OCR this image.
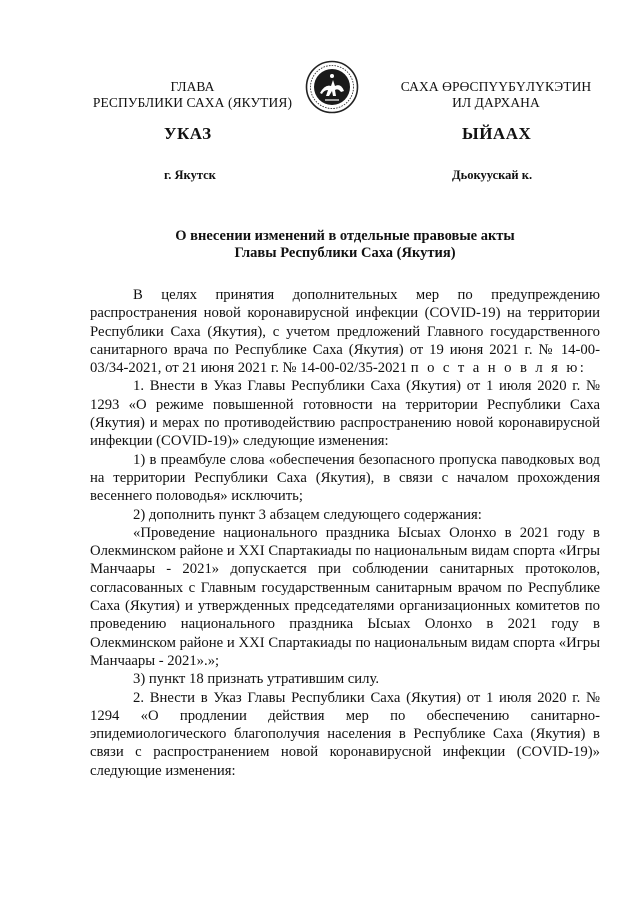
ГЛАВА
РЕСПУБЛИКИ САХА (ЯКУТИЯ)
САХА ӨРӨСПҮҮБҮЛҮКЭТИН
ИЛ ДАРХАНА
УКАЗ	ЫЙААХ
г. Якутск	Дьокуускай к.
О внесении изменений в отдельные правовые акты
Главы Республики Саха (Якутия)

В целях принятия дополнительных мер по предупреждению распространения новой коронавирусной инфекции (COVID-19) на территории Республики Саха (Якутия), с учетом предложений Главного государственного санитарного врача по Республике Саха (Якутия) от 19 июня 2021 г. № 14-00-03/34-2021, от 21 июня 2021 г. № 14-00-02/35-2021 п о с т а н о в л я ю:

1. Внести в Указ Главы Республики Саха (Якутия) от 1 июля 2020 г. № 1293 «О режиме повышенной готовности на территории Республики Саха (Якутия) и мерах по противодействию распространению новой коронавирусной инфекции (COVID-19)» следующие изменения:

1) в преамбуле слова «обеспечения безопасного пропуска паводковых вод на территории Республики Саха (Якутия), в связи с началом прохождения весеннего половодья» исключить;

2) дополнить пункт 3 абзацем следующего содержания:

«Проведение национального праздника Ысыах Олонхо в 2021 году в Олекминском районе и XXI Спартакиады по национальным видам спорта «Игры Манчаары - 2021» допускается при соблюдении санитарных протоколов, согласованных с Главным государственным санитарным врачом по Республике Саха (Якутия) и утвержденных председателями организационных комитетов по проведению национального праздника Ысыах Олонхо в 2021 году в Олекминском районе и XXI Спартакиады по национальным видам спорта «Игры Манчаары - 2021».»;

3) пункт 18 признать утратившим силу.

2. Внести в Указ Главы Республики Саха (Якутия) от 1 июля 2020 г. № 1294 «О продлении действия мер по обеспечению санитарно-эпидемиологического благополучия населения в Республике Саха (Якутия) в связи с распространением новой коронавирусной инфекции (COVID-19)» следующие изменения:
